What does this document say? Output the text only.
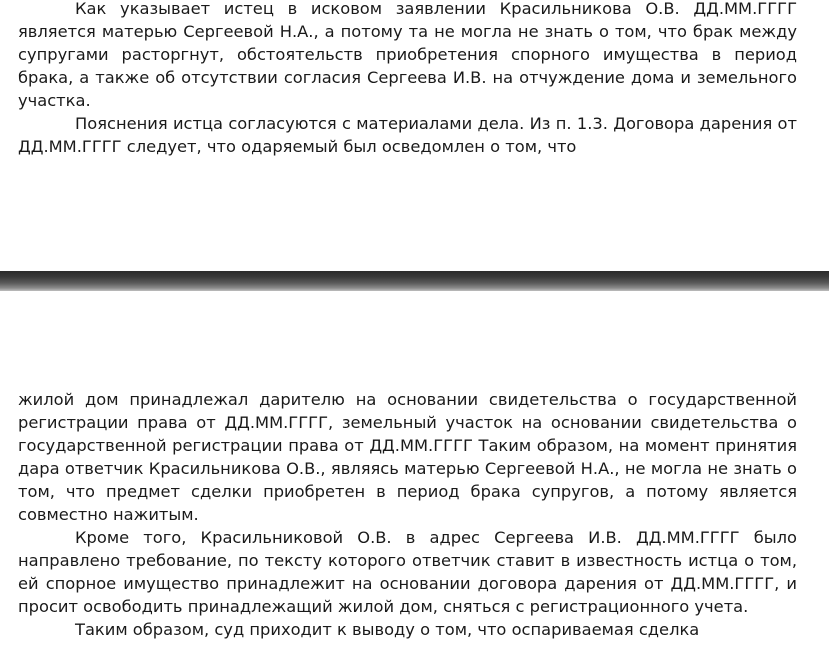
Как указывает истец в исковом заявлении Красильникова О.В. ДД.ММ.ГГГГ является матерью Сергеевой Н.А., а потому та не могла не знать о том, что брак между супругами расторгнут, обстоятельств приобретения спорного имущества в период брака, а также об отсутствии согласия Сергеева И.В. на отчуждение дома и земельного участка.

Пояснения истца согласуются с материалами дела. Из п. 1.3. Договора дарения от ДД.ММ.ГГГГ следует, что одаряемый был осведомлен о том, что

жилой дом принадлежал дарителю на основании свидетельства о государственной регистрации права от ДД.ММ.ГГГГ, земельный участок на основании свидетельства о государственной регистрации права от ДД.ММ.ГГГГ Таким образом, на момент принятия дара ответчик Красильникова О.В., являясь матерью Сергеевой Н.А., не могла не знать о том, что предмет сделки приобретен в период брака супругов, а потому является совместно нажитым.

Кроме того, Красильниковой О.В. в адрес Сергеева И.В. ДД.ММ.ГГГГ было направлено требование, по тексту которого ответчик ставит в известность истца о том, ей спорное имущество принадлежит на основании договора дарения от ДД.ММ.ГГГГ, и просит освободить принадлежащий жилой дом, сняться с регистрационного учета.

Таким образом, суд приходит к выводу о том, что оспариваемая сделка
